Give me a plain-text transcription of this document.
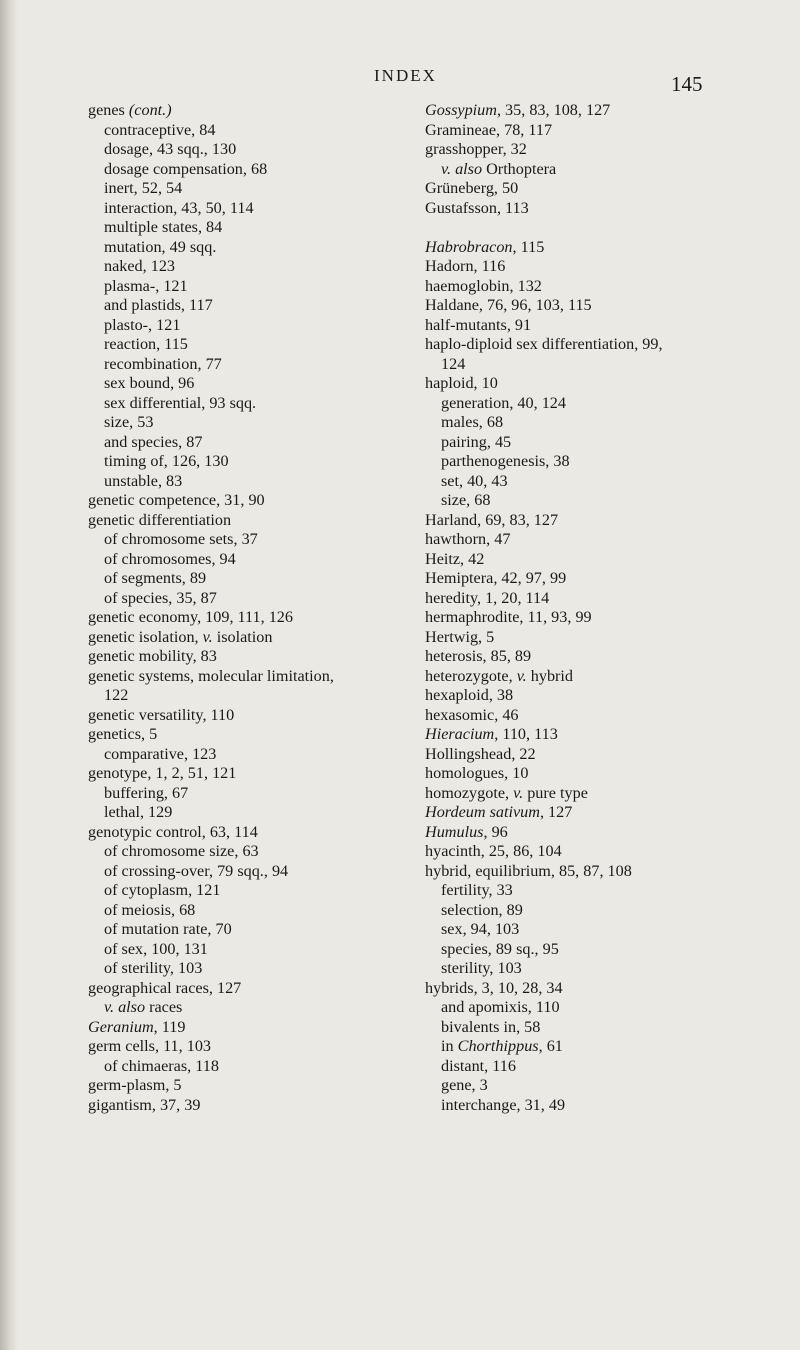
INDEX	145
genes (cont.)
contraceptive, 84
dosage, 43 sqq., 130
dosage compensation, 68
inert, 52, 54
interaction, 43, 50, 114
multiple states, 84
mutation, 49 sqq.
naked, 123
plasma-, 121
and plastids, 117
plasto-, 121
reaction, 115
recombination, 77
sex bound, 96
sex differential, 93 sqq.
size, 53
and species, 87
timing of, 126, 130
unstable, 83
genetic competence, 31, 90
genetic differentiation
of chromosome sets, 37
of chromosomes, 94
of segments, 89
of species, 35, 87
genetic economy, 109, 111, 126
genetic isolation, v. isolation
genetic mobility, 83
genetic systems, molecular limitation,
122
genetic versatility, 110
genetics, 5
comparative, 123
genotype, 1, 2, 51, 121
buffering, 67
lethal, 129
genotypic control, 63, 114
of chromosome size, 63
of crossing-over, 79 sqq., 94
of cytoplasm, 121
of meiosis, 68
of mutation rate, 70
of sex, 100, 131
of sterility, 103
geographical races, 127
v. also races
Geranium, 119
germ cells, 11, 103
of chimaeras, 118
germ-plasm, 5
gigantism, 37, 39
Gossypium, 35, 83, 108, 127
Gramineae, 78, 117
grasshopper, 32
v. also Orthoptera
Grüneberg, 50
Gustafsson, 113
Habrobracon, 115
Hadorn, 116
haemoglobin, 132
Haldane, 76, 96, 103, 115
half-mutants, 91
haplo-diploid sex differentiation, 99,
124
haploid, 10
generation, 40, 124
males, 68
pairing, 45
parthenogenesis, 38
set, 40, 43
size, 68
Harland, 69, 83, 127
hawthorn, 47
Heitz, 42
Hemiptera, 42, 97, 99
heredity, 1, 20, 114
hermaphrodite, 11, 93, 99
Hertwig, 5
heterosis, 85, 89
heterozygote, v. hybrid
hexaploid, 38
hexasomic, 46
Hieracium, 110, 113
Hollingshead, 22
homologues, 10
homozygote, v. pure type
Hordeum sativum, 127
Humulus, 96
hyacinth, 25, 86, 104
hybrid, equilibrium, 85, 87, 108
fertility, 33
selection, 89
sex, 94, 103
species, 89 sq., 95
sterility, 103
hybrids, 3, 10, 28, 34
and apomixis, 110
bivalents in, 58
in Chorthippus, 61
distant, 116
gene, 3
interchange, 31, 49
